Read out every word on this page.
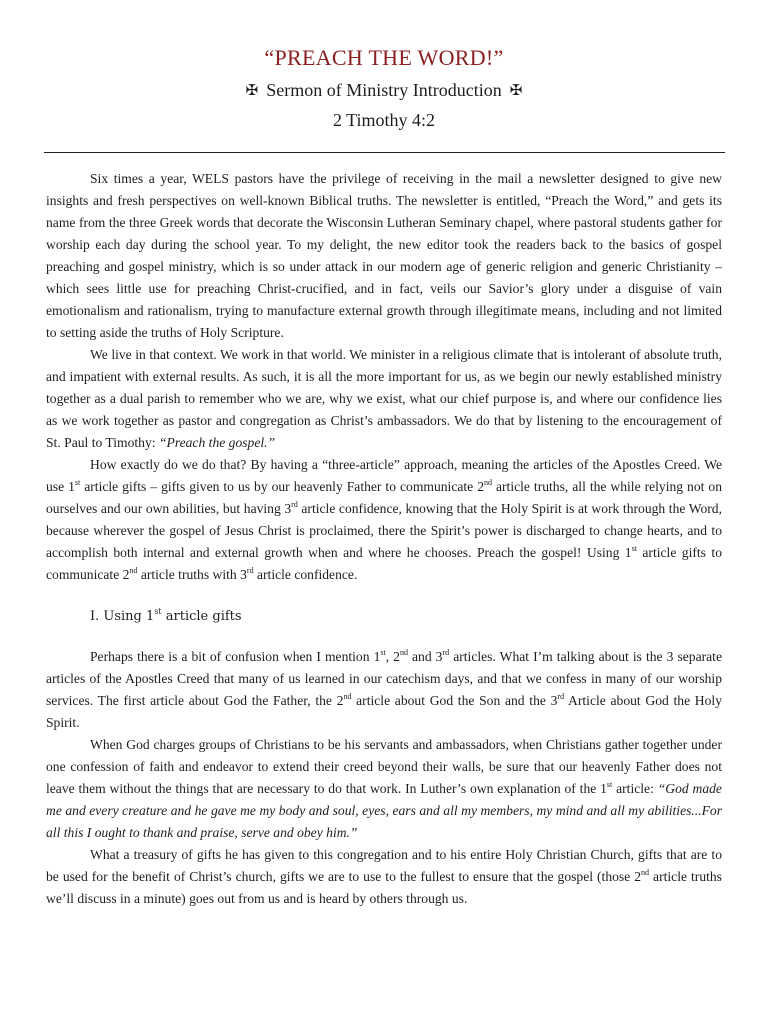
“PREACH THE WORD!”
✠ Sermon of Ministry Introduction ✠
2 Timothy 4:2

Six times a year, WELS pastors have the privilege of receiving in the mail a newsletter designed to give new insights and fresh perspectives on well-known Biblical truths. The newsletter is entitled, “Preach the Word,” and gets its name from the three Greek words that decorate the Wisconsin Lutheran Seminary chapel, where pastoral students gather for worship each day during the school year. To my delight, the new editor took the readers back to the basics of gospel preaching and gospel ministry, which is so under attack in our modern age of generic religion and generic Christianity – which sees little use for preaching Christ-crucified, and in fact, veils our Savior’s glory under a disguise of vain emotionalism and rationalism, trying to manufacture external growth through illegitimate means, including and not limited to setting aside the truths of Holy Scripture.

We live in that context. We work in that world. We minister in a religious climate that is intolerant of absolute truth, and impatient with external results. As such, it is all the more important for us, as we begin our newly established ministry together as a dual parish to remember who we are, why we exist, what our chief purpose is, and where our confidence lies as we work together as pastor and congregation as Christ’s ambassadors. We do that by listening to the encouragement of St. Paul to Timothy: “Preach the gospel.”

How exactly do we do that? By having a “three-article” approach, meaning the articles of the Apostles Creed. We use 1st article gifts – gifts given to us by our heavenly Father to communicate 2nd article truths, all the while relying not on ourselves and our own abilities, but having 3rd article confidence, knowing that the Holy Spirit is at work through the Word, because wherever the gospel of Jesus Christ is proclaimed, there the Spirit’s power is discharged to change hearts, and to accomplish both internal and external growth when and where he chooses. Preach the gospel! Using 1st article gifts to communicate 2nd article truths with 3rd article confidence.

I. Using 1st article gifts

Perhaps there is a bit of confusion when I mention 1st, 2nd and 3rd articles. What I’m talking about is the 3 separate articles of the Apostles Creed that many of us learned in our catechism days, and that we confess in many of our worship services. The first article about God the Father, the 2nd article about God the Son and the 3rd Article about God the Holy Spirit.

When God charges groups of Christians to be his servants and ambassadors, when Christians gather together under one confession of faith and endeavor to extend their creed beyond their walls, be sure that our heavenly Father does not leave them without the things that are necessary to do that work. In Luther’s own explanation of the 1st article: “God made me and every creature and he gave me my body and soul, eyes, ears and all my members, my mind and all my abilities...For all this I ought to thank and praise, serve and obey him.”

What a treasury of gifts he has given to this congregation and to his entire Holy Christian Church, gifts that are to be used for the benefit of Christ’s church, gifts we are to use to the fullest to ensure that the gospel (those 2nd article truths we’ll discuss in a minute) goes out from us and is heard by others through us.
